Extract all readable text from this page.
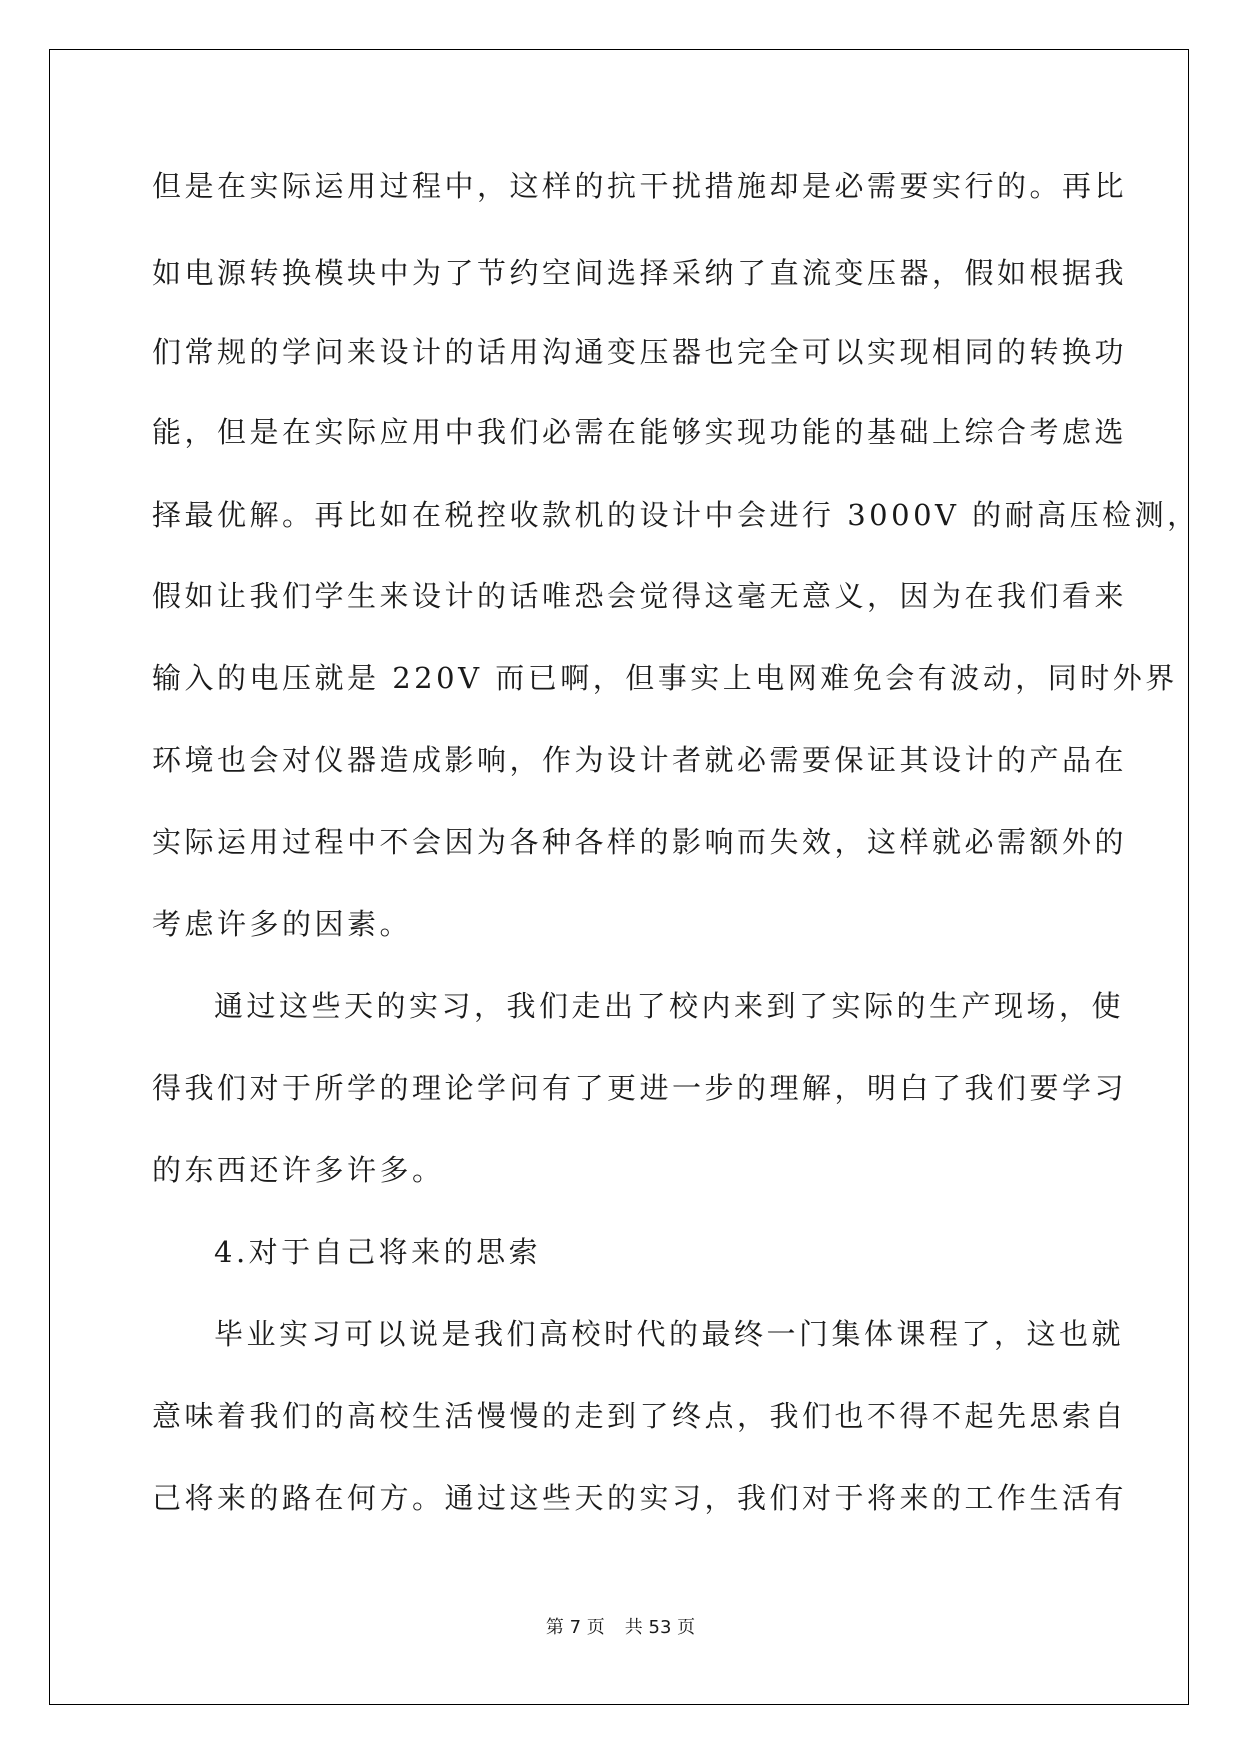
但是在实际运用过程中，这样的抗干扰措施却是必需要实行的。再比
如电源转换模块中为了节约空间选择采纳了直流变压器，假如根据我
们常规的学问来设计的话用沟通变压器也完全可以实现相同的转换功
能，但是在实际应用中我们必需在能够实现功能的基础上综合考虑选
择最优解。再比如在税控收款机的设计中会进行 3000V 的耐高压检测，
假如让我们学生来设计的话唯恐会觉得这毫无意义，因为在我们看来
输入的电压就是 220V 而已啊，但事实上电网难免会有波动，同时外界
环境也会对仪器造成影响，作为设计者就必需要保证其设计的产品在
实际运用过程中不会因为各种各样的影响而失效，这样就必需额外的
考虑许多的因素。
通过这些天的实习，我们走出了校内来到了实际的生产现场，使
得我们对于所学的理论学问有了更进一步的理解，明白了我们要学习
的东西还许多许多。
4.对于自己将来的思索
毕业实习可以说是我们高校时代的最终一门集体课程了，这也就
意味着我们的高校生活慢慢的走到了终点，我们也不得不起先思索自
己将来的路在何方。通过这些天的实习，我们对于将来的工作生活有
第 7 页 共 53 页
